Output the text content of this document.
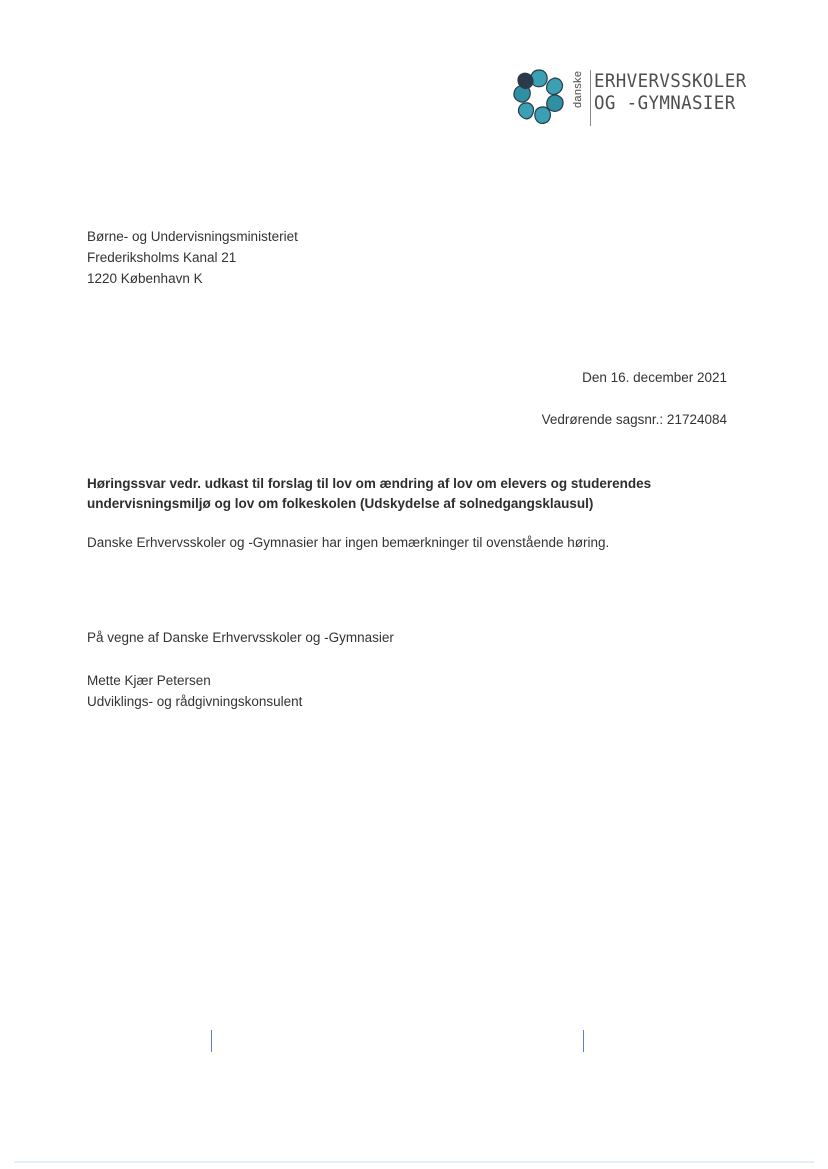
danske ERHVERVSSKOLER
OG -GYMNASIER
Børne- og Undervisningsministeriet
Frederiksholms Kanal 21
1220 København K
Den 16. december 2021
Vedrørende sagsnr.: 21724084
Høringssvar vedr. udkast til forslag til lov om ændring af lov om elevers og studerendes undervisningsmiljø og lov om folkeskolen (Udskydelse af solnedgangsklausul)
Danske Erhvervsskoler og -Gymnasier har ingen bemærkninger til ovenstående høring.
På vegne af Danske Erhvervsskoler og -Gymnasier
Mette Kjær Petersen
Udviklings- og rådgivningskonsulent
